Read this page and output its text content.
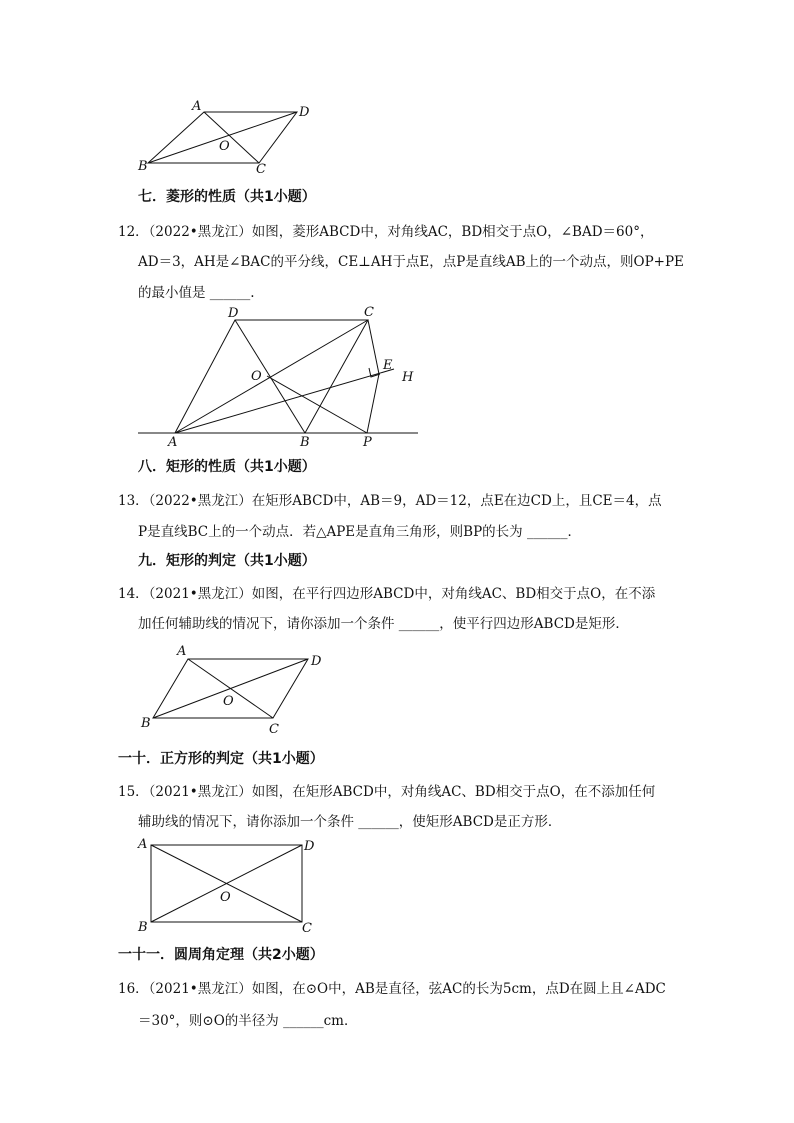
A	D
O
B	C
七．菱形的性质（共1小题）
12．（2022•黑龙江）如图，菱形ABCD中，对角线AC，BD相交于点O，∠BAD＝60°，
AD＝3，AH是∠BAC的平分线，CE⊥AH于点E，点P是直线AB上的一个动点，则OP+PE
的最小值是 ______.
D	C
O
E
H
A	B	P
八．矩形的性质（共1小题）
13．（2022•黑龙江）在矩形ABCD中，AB＝9，AD＝12，点E在边CD上，且CE＝4，点
P是直线BC上的一个动点．若△APE是直角三角形，则BP的长为 ______．
九．矩形的判定（共1小题）
14．（2021•黑龙江）如图，在平行四边形ABCD中，对角线AC、BD相交于点O，在不添
加任何辅助线的情况下，请你添加一个条件 ______，使平行四边形ABCD是矩形．
A
D
O
B	C
一十．正方形的判定（共1小题）
15．（2021•黑龙江）如图，在矩形ABCD中，对角线AC、BD相交于点O，在不添加任何
辅助线的情况下，请你添加一个条件 ______，使矩形ABCD是正方形．
A	D
O
B	C
一十一．圆周角定理（共2小题）
16．（2021•黑龙江）如图，在⊙O中，AB是直径，弦AC的长为5cm，点D在圆上且∠ADC
＝30°，则⊙O的半径为 ______cm．
